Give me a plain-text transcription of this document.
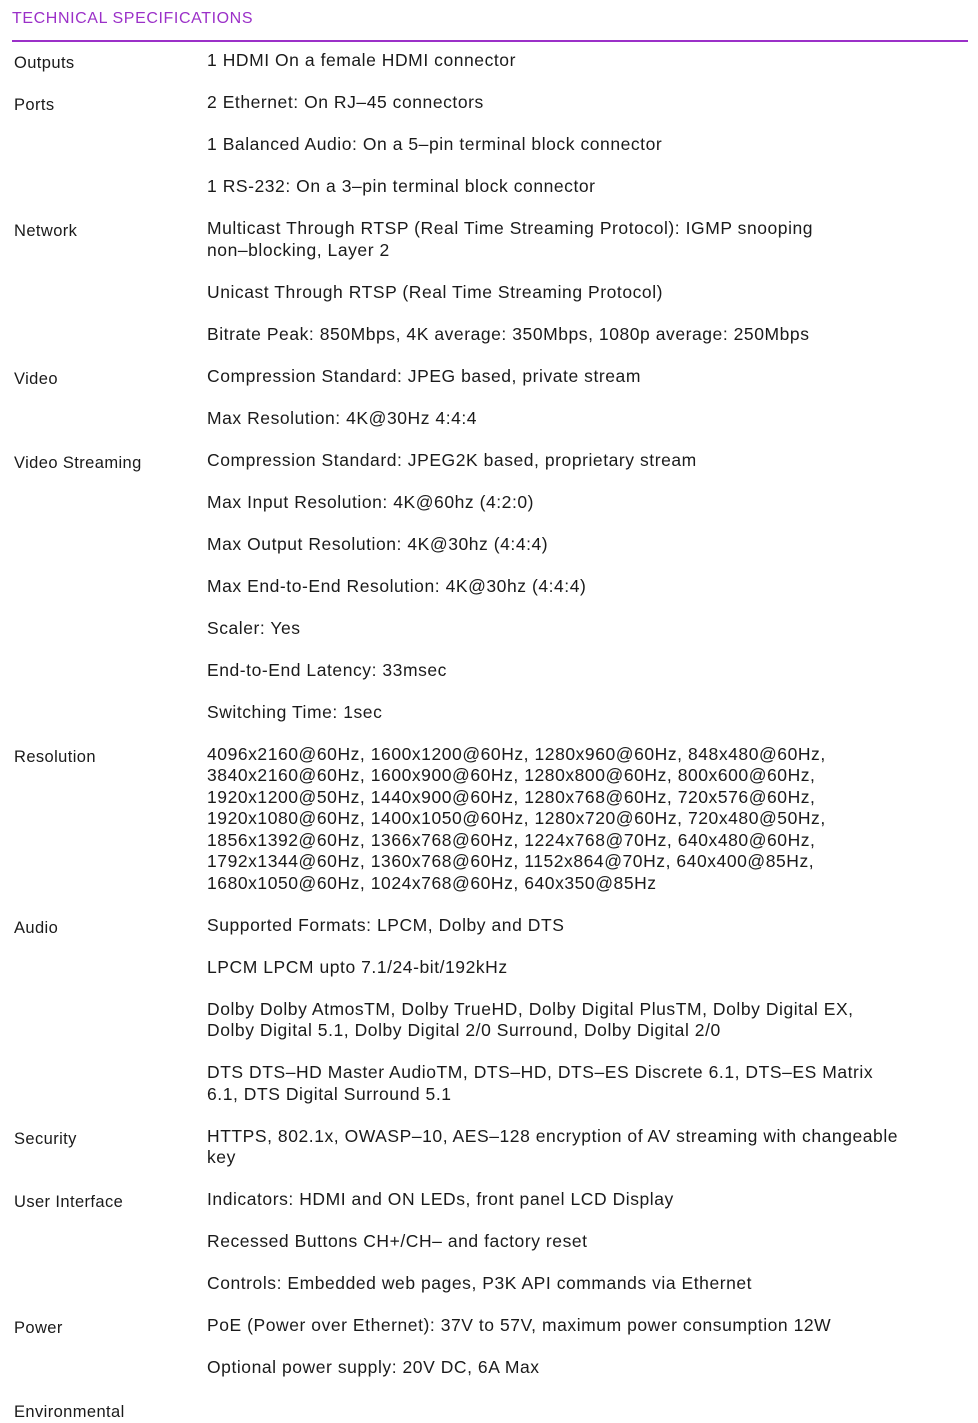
TECHNICAL SPECIFICATIONS
Outputs	1 HDMI On a female HDMI connector
Ports	2 Ethernet: On RJ–45 connectors
1 Balanced Audio: On a 5–pin terminal block connector
1 RS-232: On a 3–pin terminal block connector
Network	Multicast Through RTSP (Real Time Streaming Protocol): IGMP snooping
non–blocking, Layer 2
Unicast Through RTSP (Real Time Streaming Protocol)
Bitrate Peak: 850Mbps, 4K average: 350Mbps, 1080p average: 250Mbps
Video	Compression Standard: JPEG based, private stream
Max Resolution: 4K@30Hz 4:4:4
Video Streaming	Compression Standard: JPEG2K based, proprietary stream
Max Input Resolution: 4K@60hz (4:2:0)
Max Output Resolution: 4K@30hz (4:4:4)
Max End-to-End Resolution: 4K@30hz (4:4:4)
Scaler: Yes
End-to-End Latency: 33msec
Switching Time: 1sec
Resolution	4096x2160@60Hz, 1600x1200@60Hz, 1280x960@60Hz, 848x480@60Hz,
3840x2160@60Hz, 1600x900@60Hz, 1280x800@60Hz, 800x600@60Hz,
1920x1200@50Hz, 1440x900@60Hz, 1280x768@60Hz, 720x576@60Hz,
1920x1080@60Hz, 1400x1050@60Hz, 1280x720@60Hz, 720x480@50Hz,
1856x1392@60Hz, 1366x768@60Hz, 1224x768@70Hz, 640x480@60Hz,
1792x1344@60Hz, 1360x768@60Hz, 1152x864@70Hz, 640x400@85Hz,
1680x1050@60Hz, 1024x768@60Hz, 640x350@85Hz
Audio	Supported Formats: LPCM, Dolby and DTS
LPCM LPCM upto 7.1/24-bit/192kHz
Dolby Dolby AtmosTM, Dolby TrueHD, Dolby Digital PlusTM, Dolby Digital EX,
Dolby Digital 5.1, Dolby Digital 2/0 Surround, Dolby Digital 2/0
DTS DTS–HD Master AudioTM, DTS–HD, DTS–ES Discrete 6.1, DTS–ES Matrix
6.1, DTS Digital Surround 5.1
Security	HTTPS, 802.1x, OWASP–10, AES–128 encryption of AV streaming with changeable
key
User Interface	Indicators: HDMI and ON LEDs, front panel LCD Display
Recessed Buttons CH+/CH– and factory reset
Controls: Embedded web pages, P3K API commands via Ethernet
Power	PoE (Power over Ethernet): 37V to 57V, maximum power consumption 12W
Optional power supply: 20V DC, 6A Max
Environmental
